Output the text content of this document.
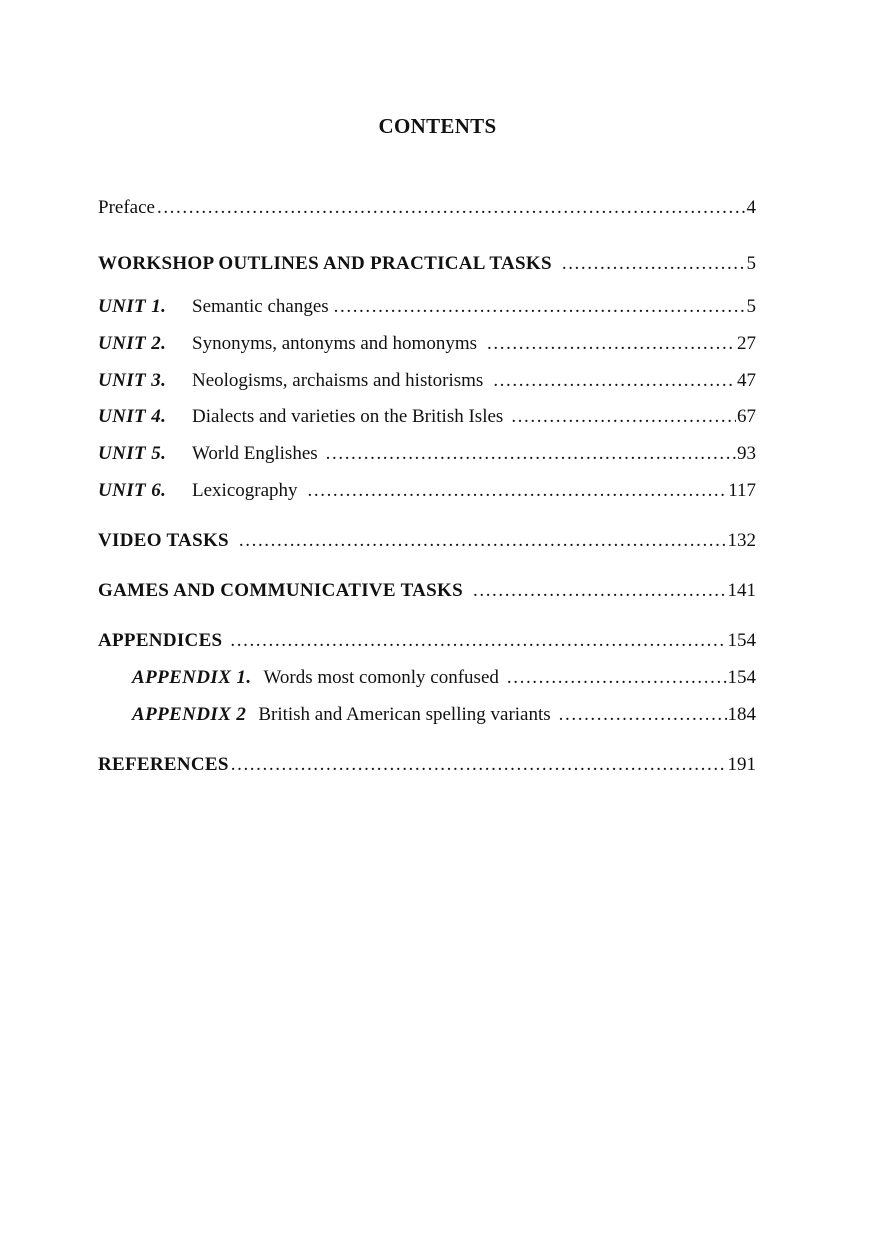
CONTENTS
Preface .....	4
WORKSHOP OUTLINES AND PRACTICAL TASKS .....	5
UNIT 1.	Semantic changes .....	5
UNIT 2.	Synonyms, antonyms and homonyms .....	27
UNIT 3.	Neologisms, archaisms and historisms .....	47
UNIT 4.	Dialects and varieties on the British Isles .....	67
UNIT 5.	World Englishes .....	93
UNIT 6.	Lexicography .....	117
VIDEO TASKS .....	132
GAMES AND COMMUNICATIVE TASKS .....	141
APPENDICES .....	154
APPENDIX 1. Words most comonly confused .....	154
APPENDIX 2 British and American spelling variants .....	184
REFERENCES .....	191
